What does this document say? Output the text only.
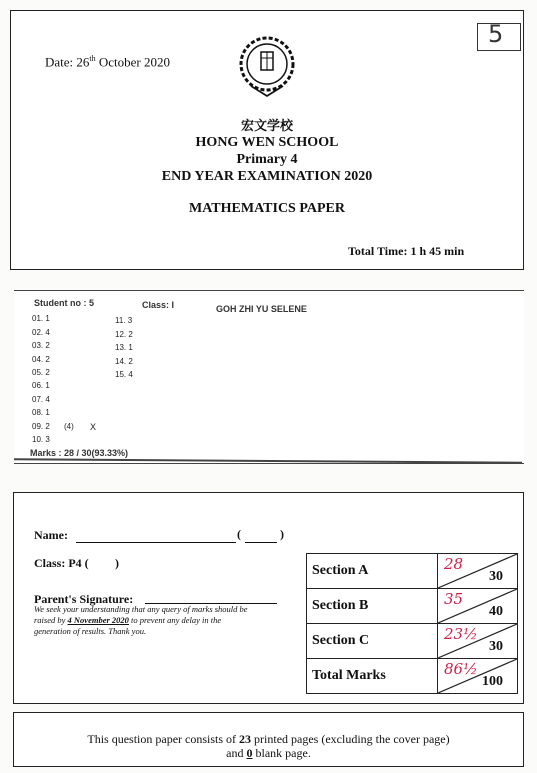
Date: 26th October 2020
5
宏文学校
HONG WEN SCHOOL
Primary 4
END YEAR EXAMINATION 2020
MATHEMATICS PAPER
Total Time: 1 h 45 min
Student no : 5	Class: I	GOH ZHI YU SELENE
01. 1
02. 4
03. 2
04. 2
05. 2
06. 1
07. 4
08. 1
09. 2 (4) X
10. 3
11. 3
12. 2
13. 1
14. 2
15. 4
Marks : 28 / 30(93.33%)
Name:	(	)
Class: P4 ( )
Parent's Signature:
We seek your understanding that any query of marks should be
raised by 4 November 2020 to prevent any delay in the
generation of results. Thank you.
Section A	28
30

Section B	35
40

Section C	23½
30

Total Marks	86½
100
This question paper consists of 23 printed pages (excluding the cover page)
and 0 blank page.
